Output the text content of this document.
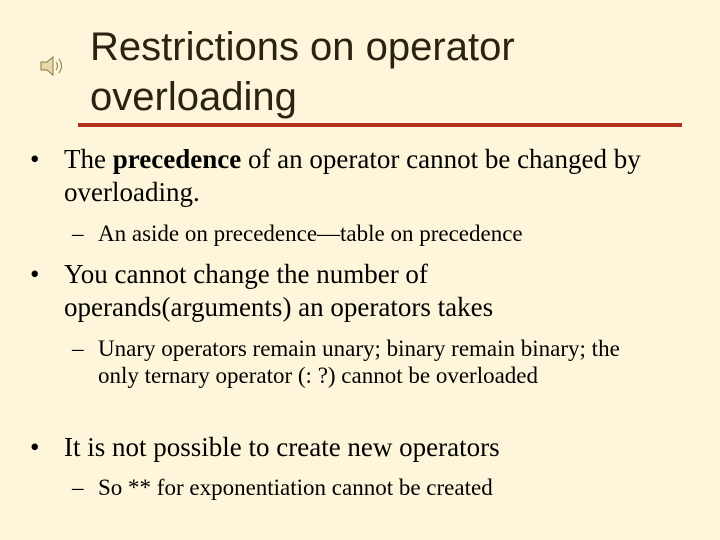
Restrictions on operator overloading
• The precedence of an operator cannot be changed by overloading.
– An aside on precedence—table on precedence
• You cannot change the number of operands(arguments) an operators takes
– Unary operators remain unary; binary remain binary; the only ternary operator (: ?) cannot be overloaded
• It is not possible to create new operators
– So ** for exponentiation cannot be created
